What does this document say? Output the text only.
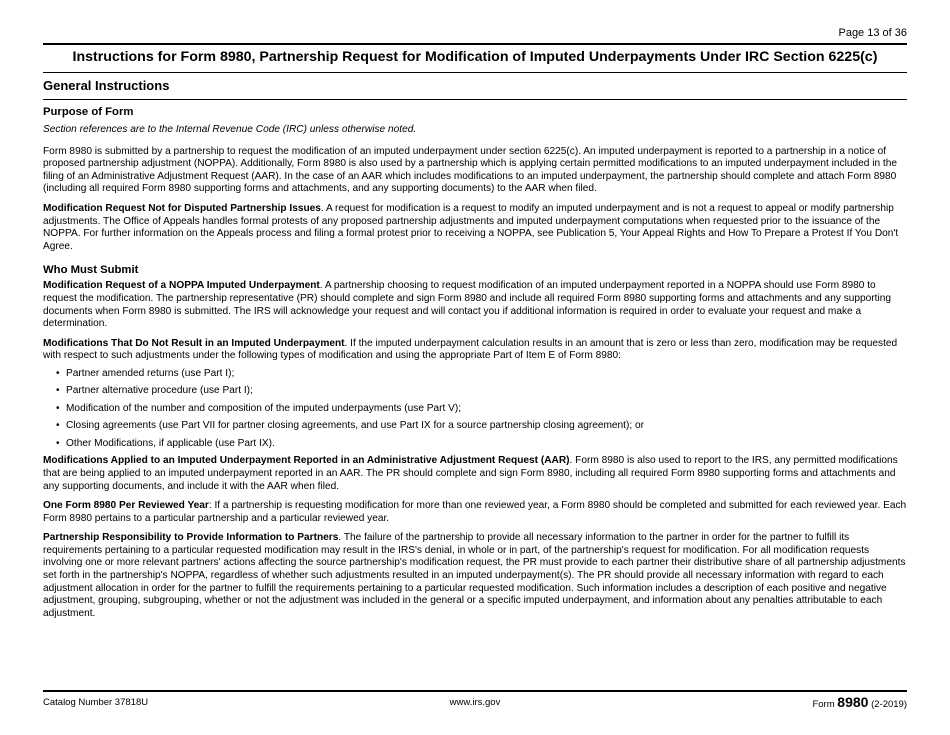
Page 13 of 36
Instructions for Form 8980, Partnership Request for Modification of Imputed Underpayments Under IRC Section 6225(c)
General Instructions
Purpose of Form

Section references are to the Internal Revenue Code (IRC) unless otherwise noted.

Form 8980 is submitted by a partnership to request the modification of an imputed underpayment under section 6225(c). An imputed underpayment is reported to a partnership in a notice of proposed partnership adjustment (NOPPA). Additionally, Form 8980 is also used by a partnership which is applying certain permitted modifications to an imputed underpayment included in the filing of an Administrative Adjustment Request (AAR). In the case of an AAR which includes modifications to an imputed underpayment, the partnership should complete and attach Form 8980 (including all required Form 8980 supporting forms and attachments, and any supporting documents) to the AAR when filed.

Modification Request Not for Disputed Partnership Issues. A request for modification is a request to modify an imputed underpayment and is not a request to appeal or modify partnership adjustments. The Office of Appeals handles formal protests of any proposed partnership adjustments and imputed underpayment computations when requested prior to the issuance of the NOPPA. For further information on the Appeals process and filing a formal protest prior to receiving a NOPPA, see Publication 5, Your Appeal Rights and How To Prepare a Protest If You Don't Agree.

Who Must Submit

Modification Request of a NOPPA Imputed Underpayment. A partnership choosing to request modification of an imputed underpayment reported in a NOPPA should use Form 8980 to request the modification. The partnership representative (PR) should complete and sign Form 8980 and include all required Form 8980 supporting forms and attachments and any supporting documents when Form 8980 is submitted. The IRS will acknowledge your request and will contact you if additional information is required in order to evaluate your request and make a determination.

Modifications That Do Not Result in an Imputed Underpayment. If the imputed underpayment calculation results in an amount that is zero or less than zero, modification may be requested with respect to such adjustments under the following types of modification and using the appropriate Part of Item E of Form 8980:

• Partner amended returns (use Part I);
• Partner alternative procedure (use Part I);
• Modification of the number and composition of the imputed underpayments (use Part V);
• Closing agreements (use Part VII for partner closing agreements, and use Part IX for a source partnership closing agreement); or
• Other Modifications, if applicable (use Part IX).

Modifications Applied to an Imputed Underpayment Reported in an Administrative Adjustment Request (AAR). Form 8980 is also used to report to the IRS, any permitted modifications that are being applied to an imputed underpayment reported in an AAR. The PR should complete and sign Form 8980, including all required Form 8980 supporting forms and attachments and any supporting documents, and include it with the AAR when filed.

One Form 8980 Per Reviewed Year: If a partnership is requesting modification for more than one reviewed year, a Form 8980 should be completed and submitted for each reviewed year. Each Form 8980 pertains to a particular partnership and a particular reviewed year.

Partnership Responsibility to Provide Information to Partners. The failure of the partnership to provide all necessary information to the partner in order for the partner to fulfill its requirements pertaining to a particular requested modification may result in the IRS's denial, in whole or in part, of the partnership's request for modification. For all modification requests involving one or more relevant partners' actions affecting the source partnership's modification request, the PR must provide to each partner their distributive share of all partnership adjustments set forth in the partnership's NOPPA, regardless of whether such adjustments resulted in an imputed underpayment(s). The PR should provide all necessary information with regard to each adjustment allocation in order for the partner to fulfill the requirements pertaining to a particular requested modification. Such information includes a description of each positive and negative adjustment, grouping, subgrouping, whether or not the adjustment was included in the general or a specific imputed underpayment, and information about any penalties attributable to each adjustment.

Catalog Number 37818U	www.irs.gov	Form 8980 (2-2019)
